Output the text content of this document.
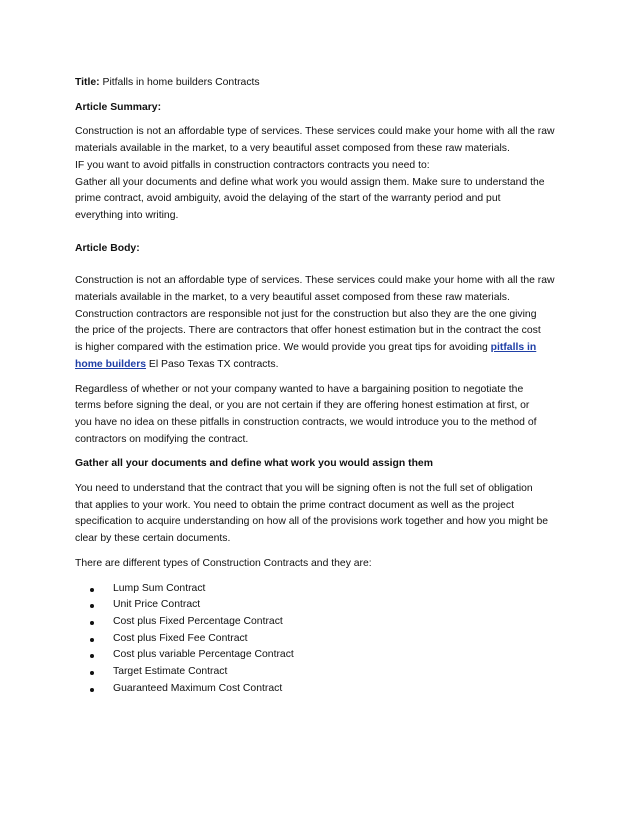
Title: Pitfalls in home builders Contracts

Article Summary:

Construction is not an affordable type of services. These services could make your home with all the raw
materials available in the market, to a very beautiful asset composed from these raw materials.
IF you want to avoid pitfalls in construction contractors contracts you need to:
Gather all your documents and define what work you would assign them. Make sure to understand the
prime contract, avoid ambiguity, avoid the delaying of the start of the warranty period and put
everything into writing.

Article Body:

Construction is not an affordable type of services. These services could make your home with all the raw
materials available in the market, to a very beautiful asset composed from these raw materials.
Construction contractors are responsible not just for the construction but also they are the one giving
the price of the projects. There are contractors that offer honest estimation but in the contract the cost
is higher compared with the estimation price. We would provide you great tips for avoiding pitfalls in
home builders El Paso Texas TX contracts.
Regardless of whether or not your company wanted to have a bargaining position to negotiate the
terms before signing the deal, or you are not certain if they are offering honest estimation at first, or
you have no idea on these pitfalls in construction contracts, we would introduce you to the method of
contractors on modifying the contract.

Gather all your documents and define what work you would assign them

You need to understand that the contract that you will be signing often is not the full set of obligation
that applies to your work. You need to obtain the prime contract document as well as the project
specification to acquire understanding on how all of the provisions work together and how you might be
clear by these certain documents.

There are different types of Construction Contracts and they are:

Lump Sum Contract
Unit Price Contract
Cost plus Fixed Percentage Contract
Cost plus Fixed Fee Contract
Cost plus variable Percentage Contract
Target Estimate Contract
Guaranteed Maximum Cost Contract
